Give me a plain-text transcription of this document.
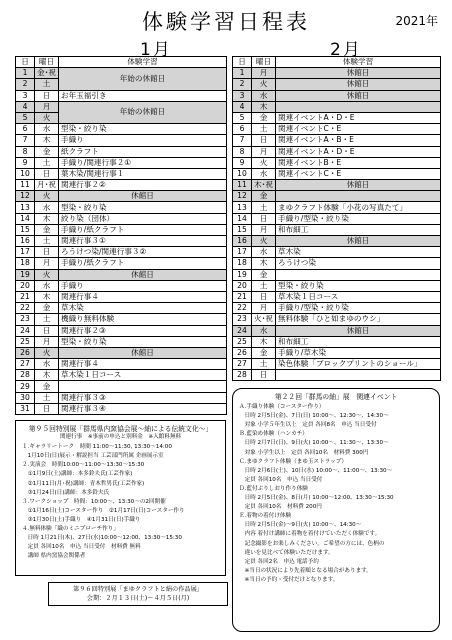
体験学習日程表	2021年
1月	2月
日	曜日	体験学習
1	金･祝	年始の休館日
2	土	
3	日	お年玉福引き
4	月	年始の休館日
5	火	
6	水	型染・絞り染
7	木	手織り
8	金	紙クラフト
9	土	手織り/関連行事２①
10	日	葉木染/関連行事１
11	月･祝	関連行事２②
12	火	休館日
13	水	型染・絞り染
14	木	絞り染（団体）
15	金	手織り/紙クラフト
16	土	関連行事３①
17	日	ろうけつ染/関連行事３②
18	月	手織り/紙クラフト
19	火	休館日
20	水	手織り
21	木	関連行事４
22	金	草木染
23	土	機織り無料体験
24	日	関連行事２③
25	月	型染・絞り染
26	火	休館日
27	水	関連行事４
28	木	草木染１日コース
29	金	
30	土	関連行事３③
31	日	関連行事３④
日	曜日	体験学習
1	月	休館日
2	火	休館日
3	水	休館日
4	木	
5	金	関連イベントA・D・E
6	土	関連イベントC・E
7	日	関連イベントA・B・E
8	月	関連イベントA・D・E
9	火	関連イベントB・E
10	水	関連イベントC・E
11	木･祝	休館日
12	金	
13	土	まゆクラフト体験「小花の写真たて」
14	日	手織り/型染・絞り染
15	月	和布細工
16	火	休館日
17	水	草木染
18	木	ろうけつ染
19	金	
20	土	型染・絞り染
21	日	草木染１日コース
22	月	手織り/型染・絞り染
23	火･祝	無料体験「ひと如まゆのウシ」
24	水	休館日
25	木	和布細工
26	金	手織り/草木染
27	土	染色体験「ブロックプリントのショール」
28	日	
第９５回特別展「群馬県内窯協会展～紬による伝統文化～」
関連行事　※事前の申込と別料金　※入館料無料
１.ギャラリートーク　時間 11:00～11:30, 13:30～14:00
　1月10日(日)展示・解説担当 工芸部門所属 企画展示室
２.実演会　時間10:00～11:00～13:30～15:30
　①1月9日(土)講師：本多鈴夫氏(工芸作家)
　②1月11日(月･祝)講師：青木哲男氏(工芸作家)
　③1月24日(日)講師：本多鈴夫氏
３.ワークショップ　時間：10:00～、13:30～の2回開催
　①1月16日(土)コースター作り　②1月17日(日)コースター作り
　③1月30日(土)手織り　④1月31日(日)手織り
４.無料体験「織のミニプローチ作り」
　日時 1月21日(木)、27日(水)10:00～12:00、13:30～15:30
　定員 各回10名　申込 当日受付　材料費 無料
　講師 県内窯協会関係者
第９６回特別展「まゆクラフトと絹の作品展」
会期：２月１３日(土)～４月５日(月)
第２２回「群馬の紬」展　関連イベント
Ａ.手織り体験（コースター作り）
　日時 2月5日(金)、7日(日) 10:00～、12:30～、14:30～
　対象 小学５年生以上　定員 各回8名　申込 当日受付
Ｂ.藍染め体験（ハンカチ）
　日時 2月7日(日)、9日(火) 10:00～、11:30～、13:30～
　対象 小学生以上　定員 各回10名　材料費 300円
Ｃ.まゆクラフト体験（まゆ玉ストラップ）
　日時 2月6日(土)、10日(水) 10:00～、11:00～、13:30～
　定員 各回10名　申込 当日受付
Ｄ.藍付ぶりしおり作り体験
　日時 2月5日(金)、8日(月) 10:00～12:00、13:30～15:30
　定員 各回10名　材料費 200円
Ｅ.着物の着付け体験
　日時 2月5日(金)～9日(火) 10:00～、14:30～
　内容 着付け講師に着物を着付けていただく体験です。
　記念撮影をお楽しみください。ご希望の方には、色柄の
　違いを見比べて体験いただけます。
　定員 各回2名　申込 電話予約
　※当日の状況により先着順となる場合があります。
　※当日の予約・受付だけとなります。
